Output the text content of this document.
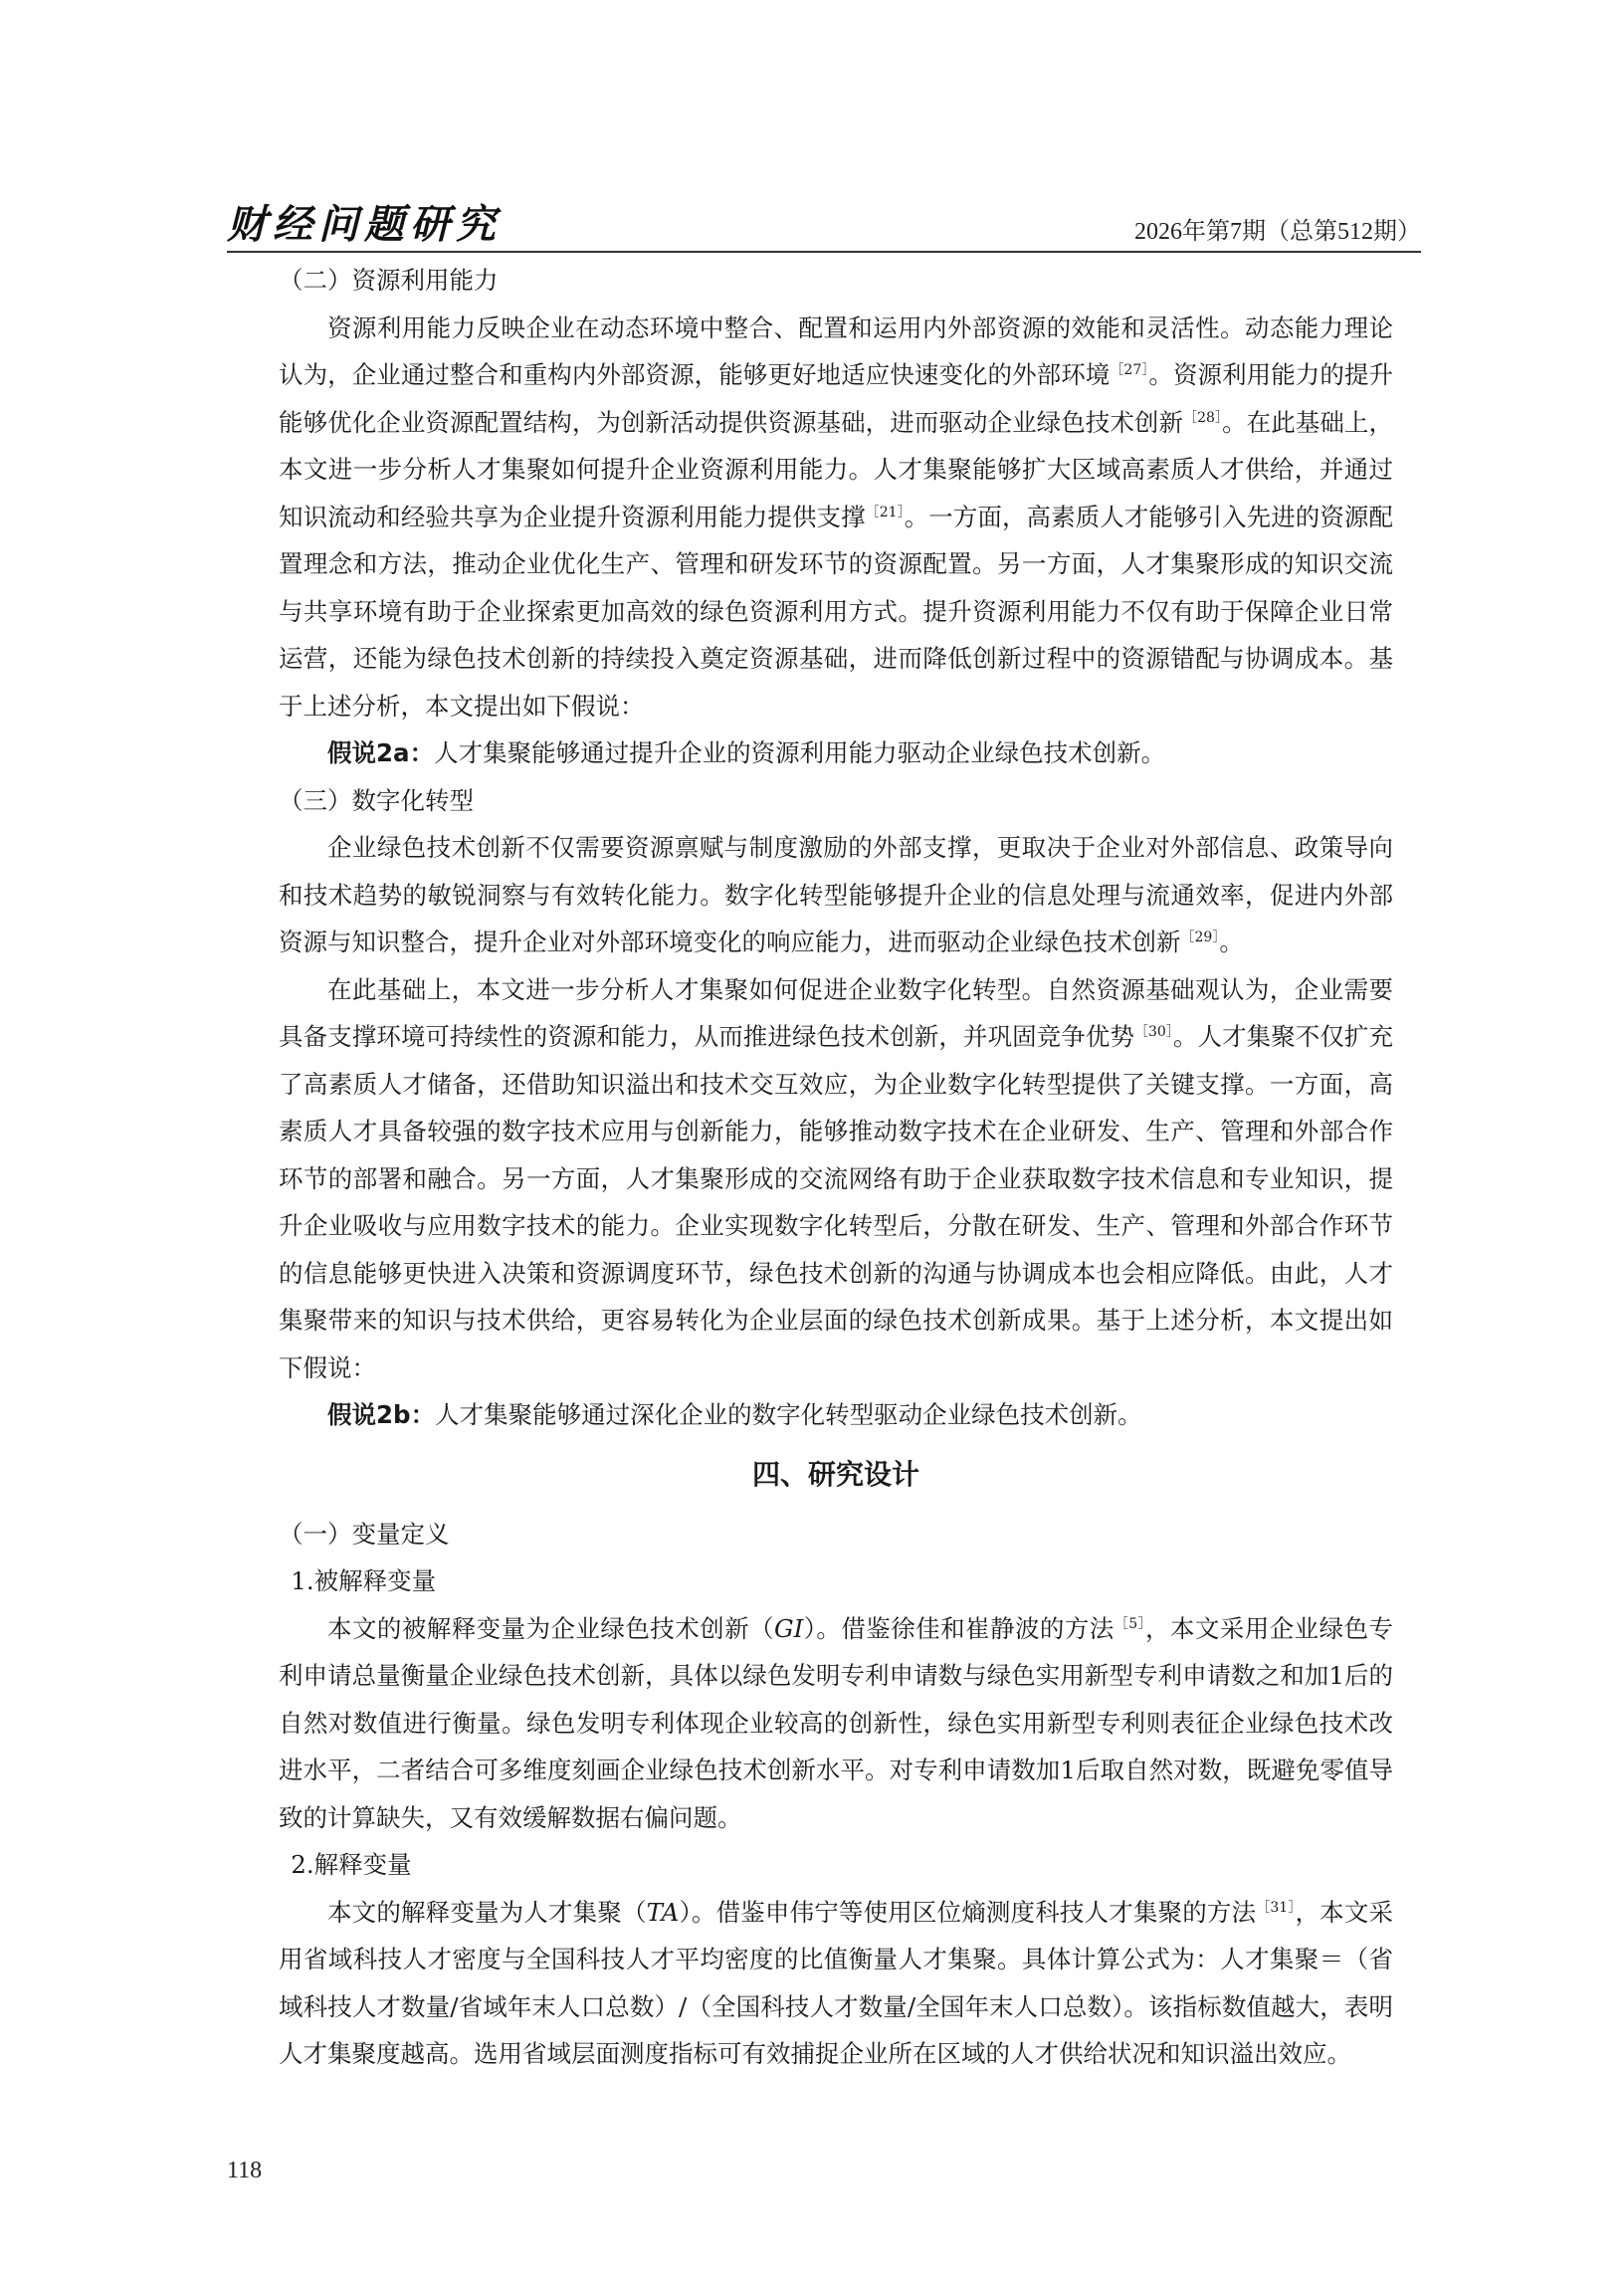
财经问题研究	2026年第7期（总第512期）
（二）资源利用能力

资源利用能力反映企业在动态环境中整合、配置和运用内外部资源的效能和灵活性。动态能力理论认为，企业通过整合和重构内外部资源，能够更好地适应快速变化的外部环境$^{[27]}$。资源利用能力的提升能够优化企业资源配置结构，为创新活动提供资源基础，进而驱动企业绿色技术创新$^{[28]}$。在此基础上，本文进一步分析人才集聚如何提升企业资源利用能力。人才集聚能够扩大区域高素质人才供给，并通过知识流动和经验共享为企业提升资源利用能力提供支撑$^{[21]}$。一方面，高素质人才能够引入先进的资源配置理念和方法，推动企业优化生产、管理和研发环节的资源配置。另一方面，人才集聚形成的知识交流与共享环境有助于企业探索更加高效的绿色资源利用方式。提升资源利用能力不仅有助于保障企业日常运营，还能为绿色技术创新的持续投入奠定资源基础，进而降低创新过程中的资源错配与协调成本。基于上述分析，本文提出如下假说：

假说2a：人才集聚能够通过提升企业的资源利用能力驱动企业绿色技术创新。

（三）数字化转型

企业绿色技术创新不仅需要资源禀赋与制度激励的外部支撑，更取决于企业对外部信息、政策导向和技术趋势的敏锐洞察与有效转化能力。数字化转型能够提升企业的信息处理与流通效率，促进内外部资源与知识整合，提升企业对外部环境变化的响应能力，进而驱动企业绿色技术创新$^{[29]}$。

在此基础上，本文进一步分析人才集聚如何促进企业数字化转型。自然资源基础观认为，企业需要具备支撑环境可持续性的资源和能力，从而推进绿色技术创新，并巩固竞争优势$^{[30]}$。人才集聚不仅扩充了高素质人才储备，还借助知识溢出和技术交互效应，为企业数字化转型提供了关键支撑。一方面，高素质人才具备较强的数字技术应用与创新能力，能够推动数字技术在企业研发、生产、管理和外部合作环节的部署和融合。另一方面，人才集聚形成的交流网络有助于企业获取数字技术信息和专业知识，提升企业吸收与应用数字技术的能力。企业实现数字化转型后，分散在研发、生产、管理和外部合作环节的信息能够更快进入决策和资源调度环节，绿色技术创新的沟通与协调成本也会相应降低。由此，人才集聚带来的知识与技术供给，更容易转化为企业层面的绿色技术创新成果。基于上述分析，本文提出如下假说：

假说2b：人才集聚能够通过深化企业的数字化转型驱动企业绿色技术创新。

四、研究设计
（一）变量定义
1.被解释变量

本文的被解释变量为企业绿色技术创新（GI）。借鉴徐佳和崔静波的方法$^{[5]}$，本文采用企业绿色专利申请总量衡量企业绿色技术创新，具体以绿色发明专利申请数与绿色实用新型专利申请数之和加1后的自然对数值进行衡量。绿色发明专利体现企业较高的创新性，绿色实用新型专利则表征企业绿色技术改进水平，二者结合可多维度刻画企业绿色技术创新水平。对专利申请数加1后取自然对数，既避免零值导致的计算缺失，又有效缓解数据右偏问题。

2.解释变量

本文的解释变量为人才集聚（TA）。借鉴申伟宁等使用区位熵测度科技人才集聚的方法$^{[31]}$，本文采用省域科技人才密度与全国科技人才平均密度的比值衡量人才集聚。具体计算公式为：人才集聚＝（省域科技人才数量/省域年末人口总数）/（全国科技人才数量/全国年末人口总数）。该指标数值越大，表明人才集聚度越高。选用省域层面测度指标可有效捕捉企业所在区域的人才供给状况和知识溢出效应。

118
